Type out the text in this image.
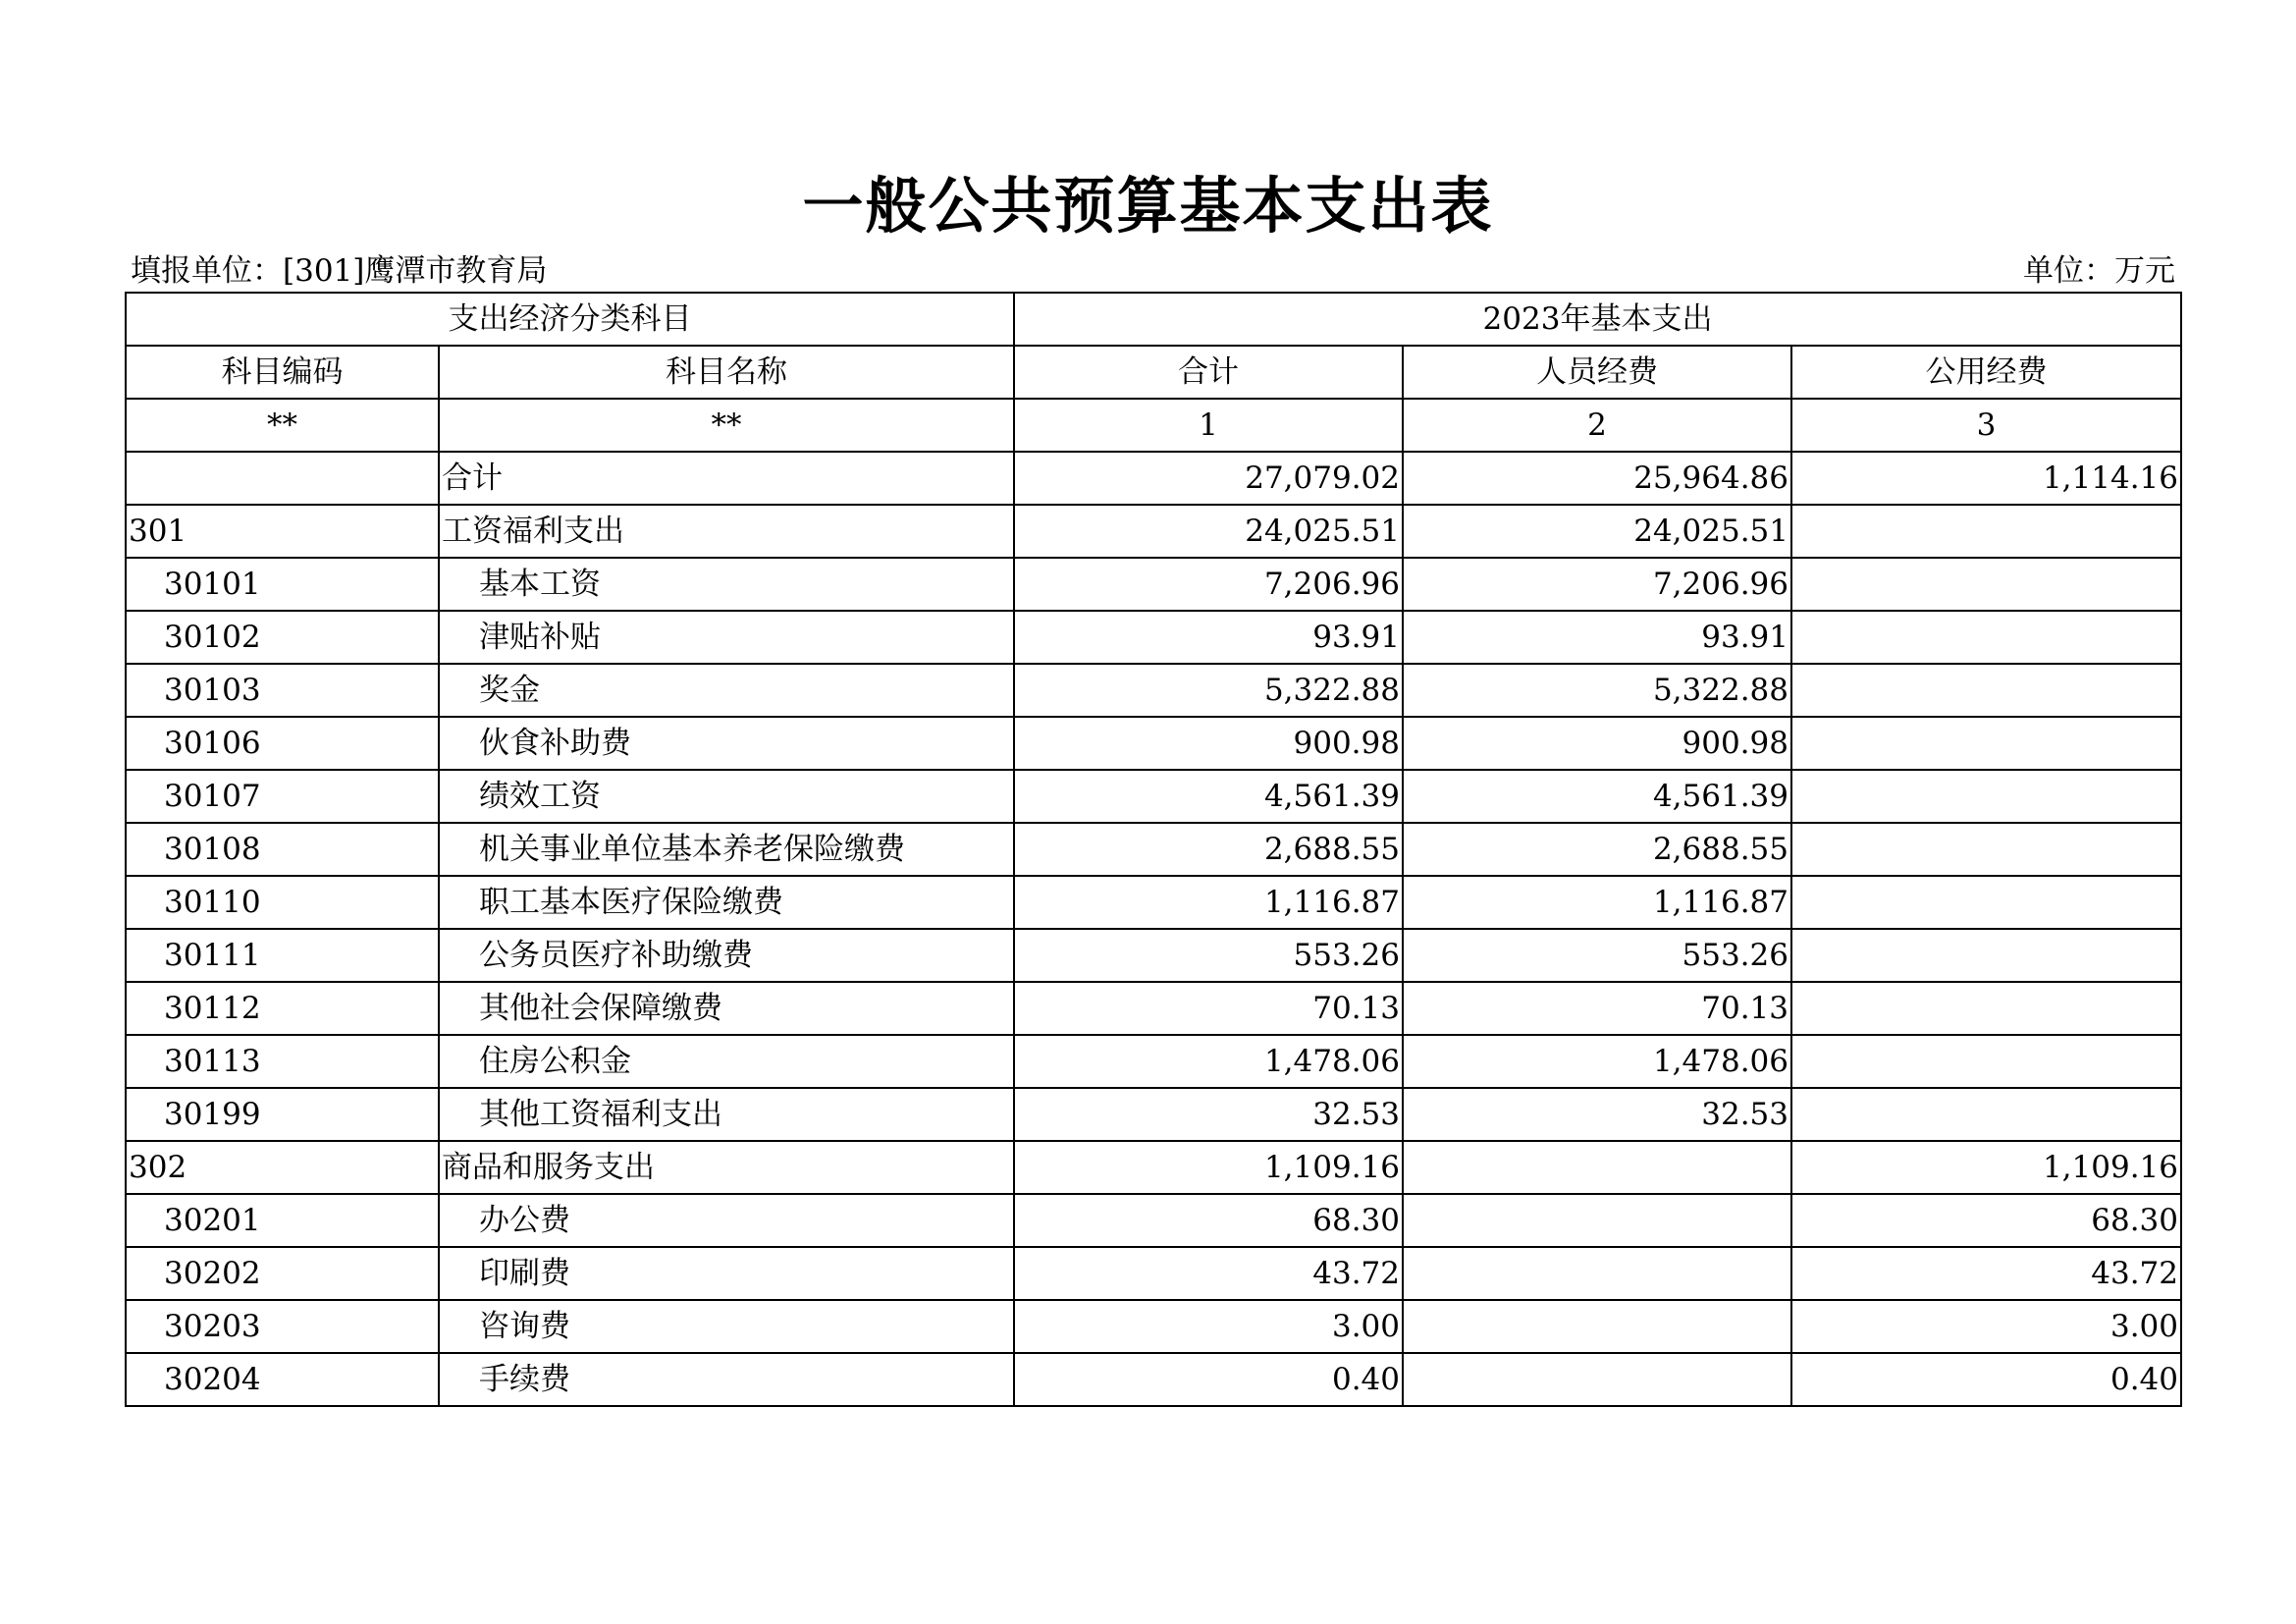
一般公共预算基本支出表
填报单位：[301]鹰潭市教育局	单位：万元
支出经济分类科目		2023年基本支出		
科目编码	科目名称	合计	人员经费	公用经费
**	**	1	2	3
	合计	27,079.02	25,964.86	1,114.16
301	工资福利支出	24,025.51	24,025.51	
30101	基本工资	7,206.96	7,206.96	
30102	津贴补贴	93.91	93.91	
30103	奖金	5,322.88	5,322.88	
30106	伙食补助费	900.98	900.98	
30107	绩效工资	4,561.39	4,561.39	
30108	机关事业单位基本养老保险缴费	2,688.55	2,688.55	
30110	职工基本医疗保险缴费	1,116.87	1,116.87	
30111	公务员医疗补助缴费	553.26	553.26	
30112	其他社会保障缴费	70.13	70.13	
30113	住房公积金	1,478.06	1,478.06	
30199	其他工资福利支出	32.53	32.53	
302	商品和服务支出	1,109.16		1,109.16
30201	办公费	68.30		68.30
30202	印刷费	43.72		43.72
30203	咨询费	3.00		3.00
30204	手续费	0.40		0.40
